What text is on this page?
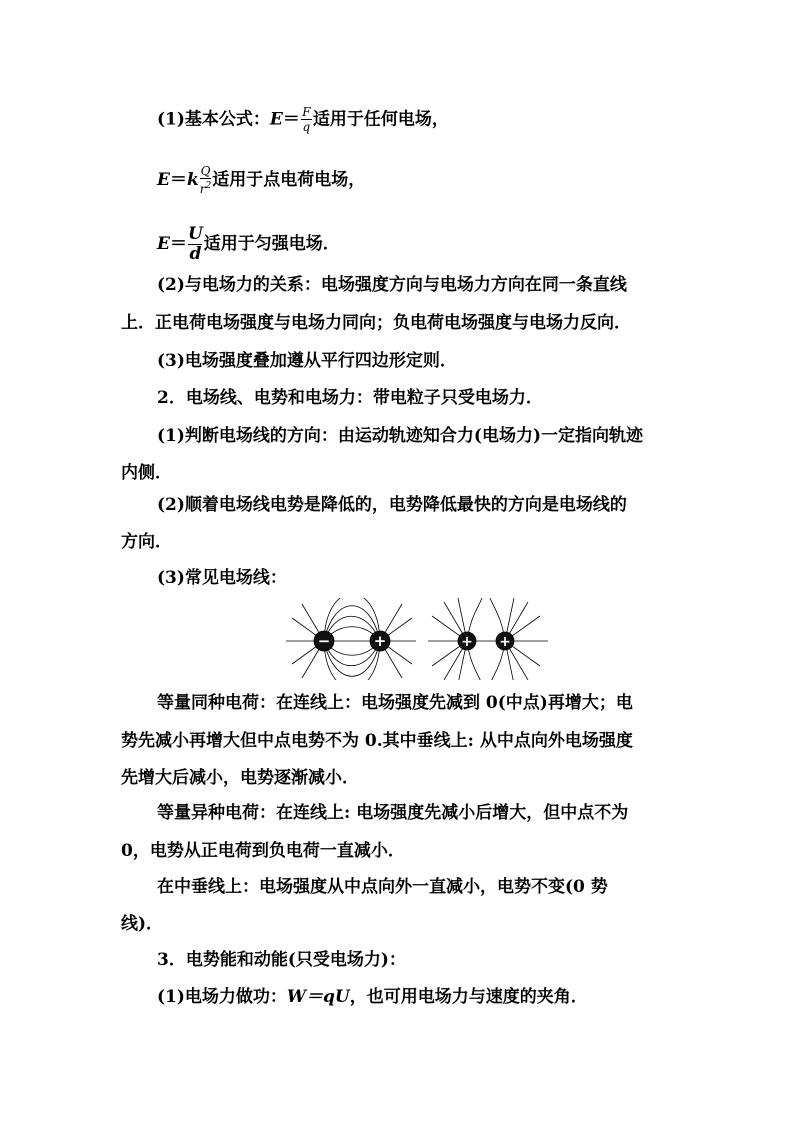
(1)基本公式：$E= \frac{F}{q}$ 适用于任何电场，
$E=k \frac{Q}{r^2}$ 适用于点电荷电场，
$E= \frac{U}{d}$ 适用于匀强电场．
(2)与电场力的关系：电场强度方向与电场力方向在同一条直线
上．正电荷电场强度与电场力同向；负电荷电场强度与电场力反向．
(3)电场强度叠加遵从平行四边形定则．
2．电场线、电势和电场力：带电粒子只受电场力．
(1)判断电场线的方向：由运动轨迹知合力(电场力)一定指向轨迹
内侧．
(2)顺着电场线电势是降低的，电势降低最快的方向是电场线的
方向．
(3)常见电场线：
−	+	+ +
等量同种电荷：在连线上：电场强度先减到 0(中点)再增大；电
势先减小再增大但中点电势不为 0.其中垂线上: 从中点向外电场强度
先增大后减小，电势逐渐减小．
等量异种电荷：在连线上: 电场强度先减小后增大，但中点不为
0，电势从正电荷到负电荷一直减小．
在中垂线上：电场强度从中点向外一直减小，电势不变(0 势
线)．
3．电势能和动能(只受电场力)：
(1)电场力做功：W＝qU，也可用电场力与速度的夹角．
